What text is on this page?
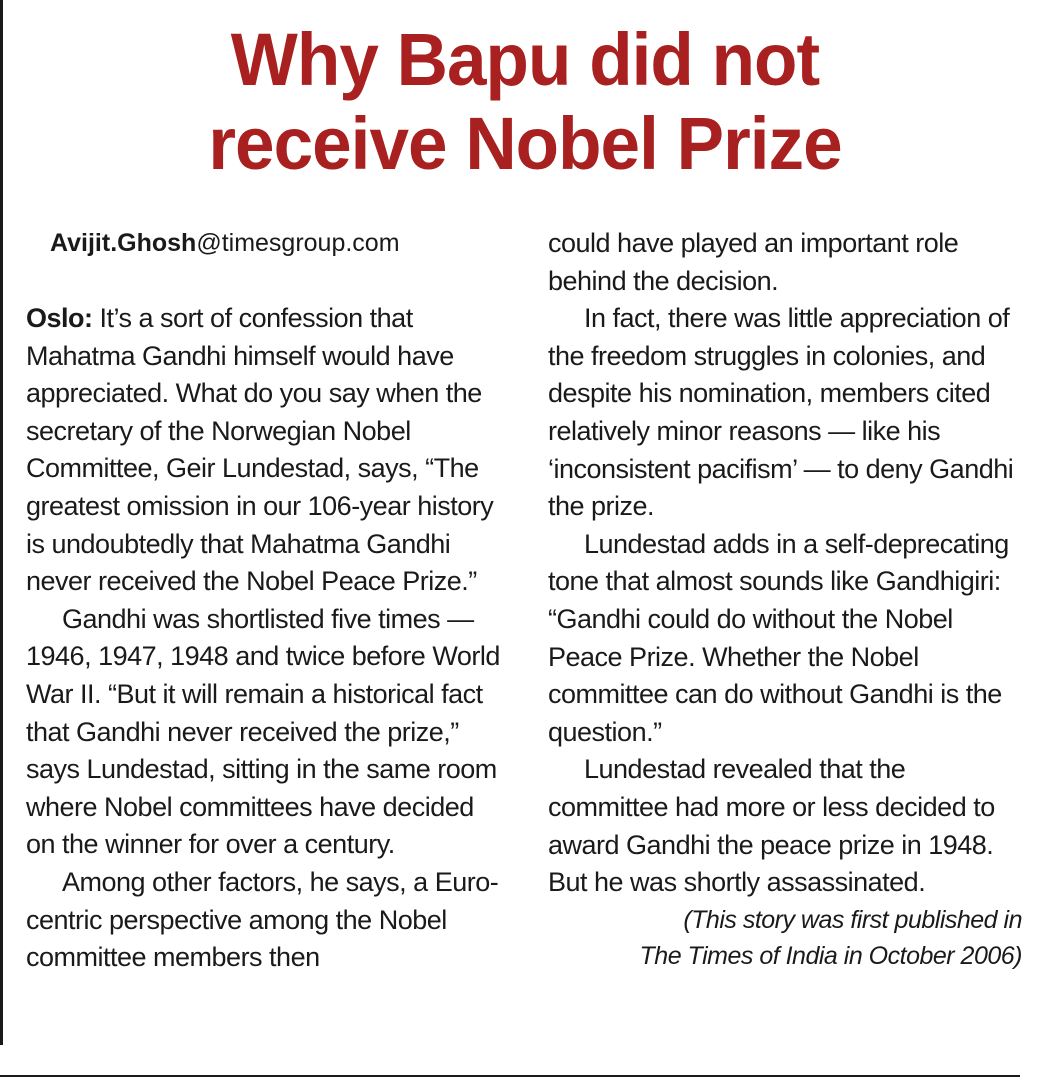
Why Bapu did not
receive Nobel Prize

Avijit.Ghosh@timesgroup.com

Oslo: It’s a sort of confession that Mahatma Gandhi himself would have appreciated. What do you say when the secretary of the Norwegian Nobel Committee, Geir Lundestad, says, “The greatest omission in our 106-year history is undoubtedly that Mahatma Gandhi never received the Nobel Peace Prize.”

Gandhi was shortlisted five times — 1946, 1947, 1948 and twice before World War II. “But it will remain a historical fact that Gandhi never received the prize,” says Lundestad, sitting in the same room where Nobel committees have decided on the winner for over a century.

Among other factors, he says, a Euro-centric perspective among the Nobel committee members then

could have played an important role behind the decision.

In fact, there was little appreciation of the freedom struggles in colonies, and despite his nomination, members cited relatively minor reasons — like his ‘inconsistent pacifism’ — to deny Gandhi the prize.

Lundestad adds in a self-deprecating tone that almost sounds like Gandhigiri: “Gandhi could do without the Nobel Peace Prize. Whether the Nobel committee can do without Gandhi is the question.”

Lundestad revealed that the committee had more or less decided to award Gandhi the peace prize in 1948. But he was shortly assassinated.

(This story was first published in
The Times of India in October 2006)
